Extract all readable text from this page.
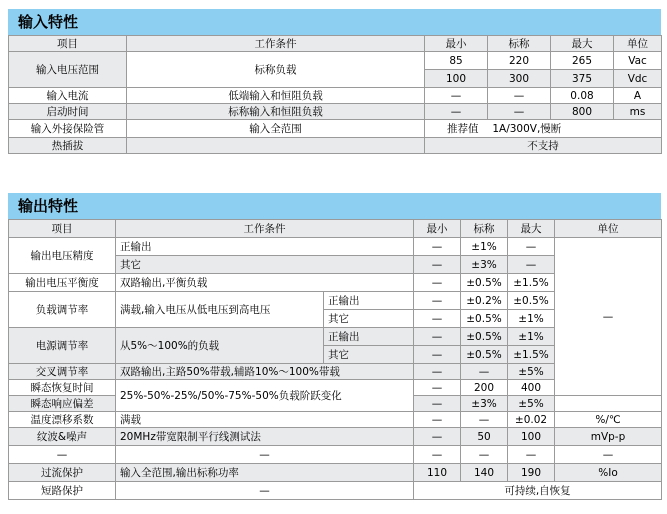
输入特性
项目	工作条件	最小	标称	最大	单位
输入电压范围	标称负载	85	220	265	Vac
		100	300	375	Vdc
输入电流	低端输入和恒阻负载	—	—	0.08	A
启动时间	标称输入和恒阻负载	—	—	800	ms
输入外接保险管	输入全范围	推荐值　 1A/300V,慢断			
热插拔		不支持			
输出特性
项目	工作条件		最小	标称	最大	单位	
输出电压精度	正输出		—	±1%	—	—	
	其它		—	±3%	—		
输出电压平衡度	双路输出,平衡负载		—	±0.5%	±1.5%		
负载调节率	满载,输入电压从低电压到高电压	正输出	—	±0.2%	±0.5%		
		其它	—	±0.5%	±1%		
电源调节率	从5%～100%的负载	正输出	—	±0.5%	±1%		
		其它	—	±0.5%	±1.5%		
交叉调节率	双路输出,主路50%带载,辅路10%～100%带载		—	—	±5%		
瞬态恢复时间	25%-50%-25%/50%-75%-50%负载阶跃变化		—	200	400	
瞬态响应偏差			—	±3%	±5%		
温度漂移系数	满载		—	—	±0.02	%/℃	
纹波&噪声	20MHz带宽限制平行线测试法		—	50	100	mVp-p	
—	—		—	—	—	—	
过流保护	输入全范围,输出标称功率		110	140	190	%Io	
短路保护	—		可持续,自恢复				
